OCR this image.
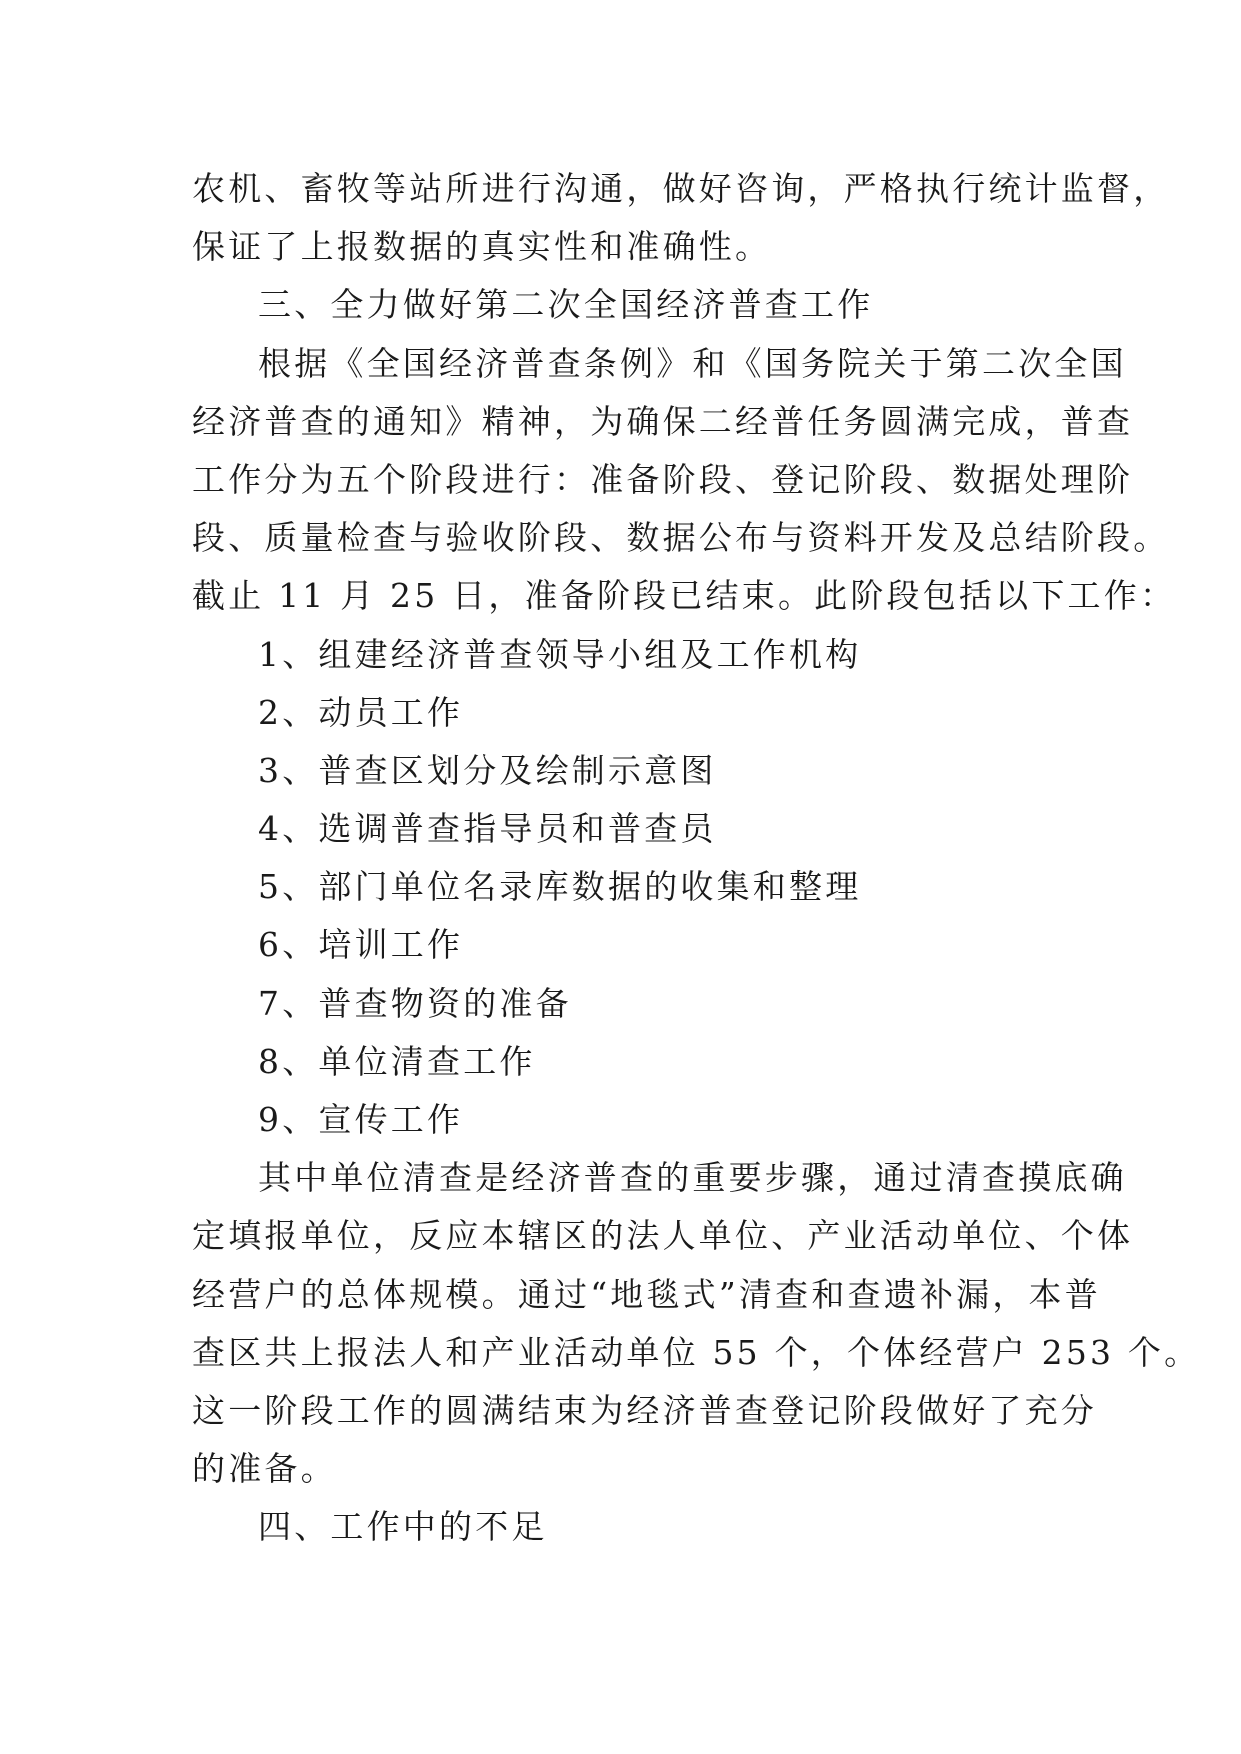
农机、畜牧等站所进行沟通，做好咨询，严格执行统计监督，
保证了上报数据的真实性和准确性。
三、全力做好第二次全国经济普查工作
根据《全国经济普查条例》和《国务院关于第二次全国
经济普查的通知》精神，为确保二经普任务圆满完成，普查
工作分为五个阶段进行：准备阶段、登记阶段、数据处理阶
段、质量检查与验收阶段、数据公布与资料开发及总结阶段。
截止 11 月 25 日，准备阶段已结束。此阶段包括以下工作：
1、组建经济普查领导小组及工作机构
2、动员工作
3、普查区划分及绘制示意图
4、选调普查指导员和普查员
5、部门单位名录库数据的收集和整理
6、培训工作
7、普查物资的准备
8、单位清查工作
9、宣传工作
其中单位清查是经济普查的重要步骤，通过清查摸底确
定填报单位，反应本辖区的法人单位、产业活动单位、个体
经营户的总体规模。通过“地毯式”清查和查遗补漏，本普
查区共上报法人和产业活动单位 55 个，个体经营户 253 个。
这一阶段工作的圆满结束为经济普查登记阶段做好了充分
的准备。
四、工作中的不足
